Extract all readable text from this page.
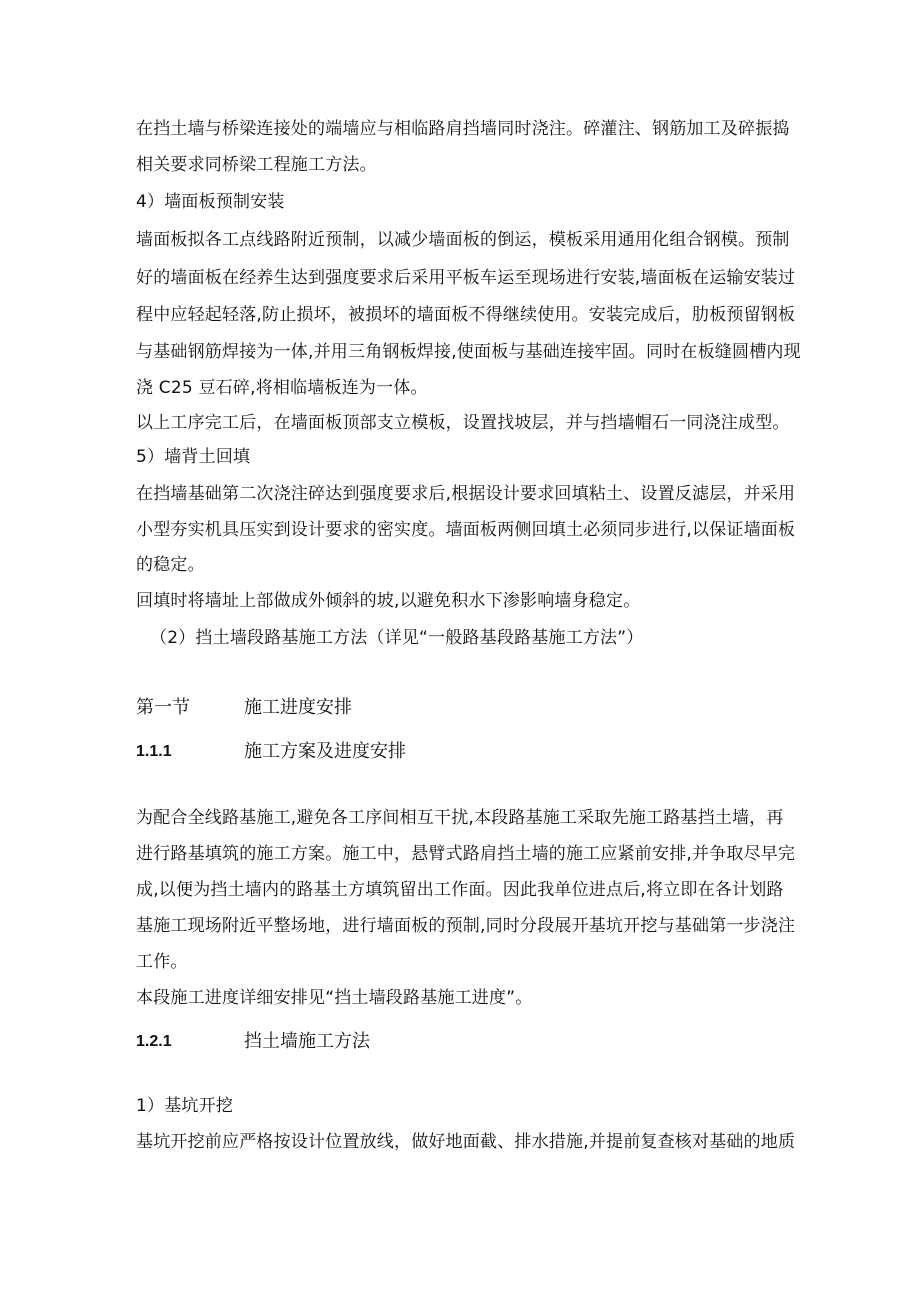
在挡土墙与桥梁连接处的端墙应与相临路肩挡墙同时浇注。碎灌注、钢筋加工及碎振捣
相关要求同桥梁工程施工方法。
4）墙面板预制安装
墙面板拟各工点线路附近预制，以减少墙面板的倒运，模板采用通用化组合钢模。预制
好的墙面板在经养生达到强度要求后采用平板车运至现场进行安装,墙面板在运输安装过
程中应轻起轻落,防止损坏，被损坏的墙面板不得继续使用。安装完成后，肋板预留钢板
与基础钢筋焊接为一体,并用三角钢板焊接,使面板与基础连接牢固。同时在板缝圆槽内现
浇 C25 豆石碎,将相临墙板连为一体。
以上工序完工后，在墙面板顶部支立模板，设置找坡层，并与挡墙帽石一同浇注成型。
5）墙背土回填
在挡墙基础第二次浇注碎达到强度要求后,根据设计要求回填粘土、设置反滤层，并采用
小型夯实机具压实到设计要求的密实度。墙面板两侧回填土必须同步进行,以保证墙面板
的稳定。
回填时将墙址上部做成外倾斜的坡,以避免积水下渗影响墙身稳定。
（2）挡土墙段路基施工方法（详见“一般路基段路基施工方法”）
第一节	施工进度安排
1.1.1	施工方案及进度安排
为配合全线路基施工,避免各工序间相互干扰,本段路基施工采取先施工路基挡土墙，再
进行路基填筑的施工方案。施工中，悬臂式路肩挡土墙的施工应紧前安排,并争取尽早完
成,以便为挡土墙内的路基土方填筑留出工作面。因此我单位进点后,将立即在各计划路
基施工现场附近平整场地，进行墙面板的预制,同时分段展开基坑开挖与基础第一步浇注
工作。
本段施工进度详细安排见“挡土墙段路基施工进度”。
1.2.1	挡土墙施工方法
1）基坑开挖
基坑开挖前应严格按设计位置放线，做好地面截、排水措施,并提前复查核对基础的地质
